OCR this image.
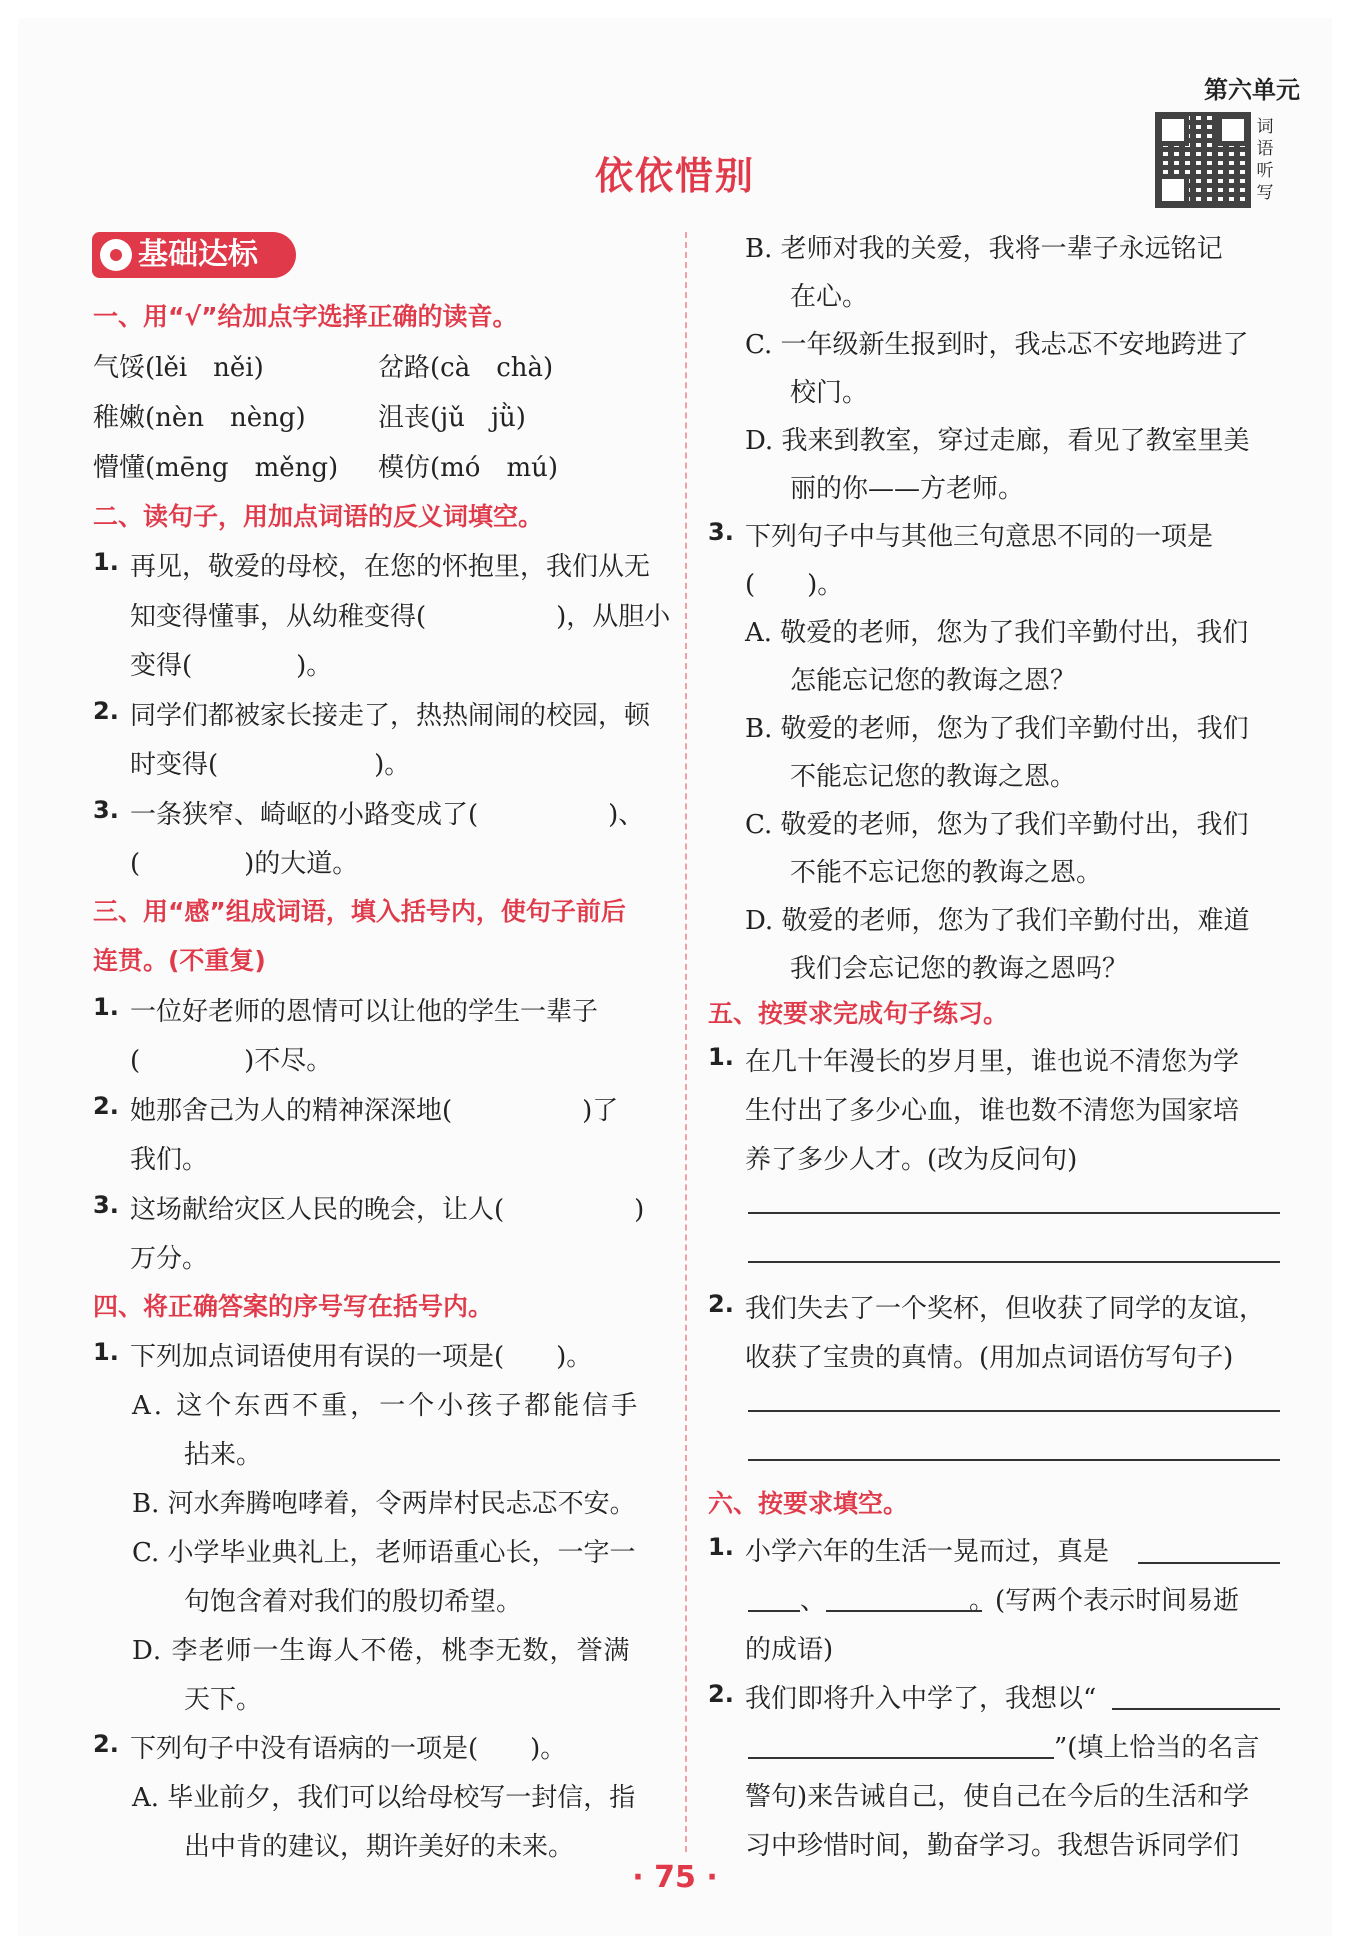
第六单元
词语听写
依依惜别
基础达标
一、用“√”给加点字选择正确的读音。
气馁(lěi　něi)	岔路(cà　chà)
稚嫩(nèn　nèng)	沮丧(jǔ　jǜ)
懵懂(mēng　měng) 模仿(mó　mú)
二、读句子，用加点词语的反义词填空。
1. 再见，敬爱的母校，在您的怀抱里，我们从无
知变得懂事，从幼稚变得(　　　　　)，从胆小
变得(　　　　)。
2. 同学们都被家长接走了，热热闹闹的校园，顿
时变得(　　　　　　)。
3. 一条狭窄、崎岖的小路变成了(　　　　　)、
(　　　　)的大道。
三、用“感”组成词语，填入括号内，使句子前后
连贯。(不重复)
1. 一位好老师的恩情可以让他的学生一辈子
(　　　　)不尽。
2. 她那舍己为人的精神深深地(　　　　　)了
我们。
3. 这场献给灾区人民的晚会，让人(　　　　　)
万分。
四、将正确答案的序号写在括号内。
1. 下列加点词语使用有误的一项是(　　)。
A. 这个东西不重，一个小孩子都能信手
拈来。
B. 河水奔腾咆哮着，令两岸村民忐忑不安。
C. 小学毕业典礼上，老师语重心长，一字一
句饱含着对我们的殷切希望。
D. 李老师一生诲人不倦，桃李无数，誉满
天下。
2. 下列句子中没有语病的一项是(　　)。
A. 毕业前夕，我们可以给母校写一封信，指
出中肯的建议，期许美好的未来。
B. 老师对我的关爱，我将一辈子永远铭记
在心。
C. 一年级新生报到时，我忐忑不安地跨进了
校门。
D. 我来到教室，穿过走廊，看见了教室里美
丽的你——方老师。
3. 下列句子中与其他三句意思不同的一项是
(　　)。
A. 敬爱的老师，您为了我们辛勤付出，我们
怎能忘记您的教诲之恩？
B. 敬爱的老师，您为了我们辛勤付出，我们
不能忘记您的教诲之恩。
C. 敬爱的老师，您为了我们辛勤付出，我们
不能不忘记您的教诲之恩。
D. 敬爱的老师，您为了我们辛勤付出，难道
我们会忘记您的教诲之恩吗？
五、按要求完成句子练习。
1. 在几十年漫长的岁月里，谁也说不清您为学
生付出了多少心血，谁也数不清您为国家培
养了多少人才。(改为反问句)
2. 我们失去了一个奖杯，但收获了同学的友谊，
收获了宝贵的真情。(用加点词语仿写句子)
六、按要求填空。
1. 小学六年的生活一晃而过，真是
、　　　　　　。(写两个表示时间易逝
的成语)
2. 我们即将升入中学了，我想以“
”(填上恰当的名言
警句)来告诫自己，使自己在今后的生活和学
习中珍惜时间，勤奋学习。我想告诉同学们
· 75 ·
